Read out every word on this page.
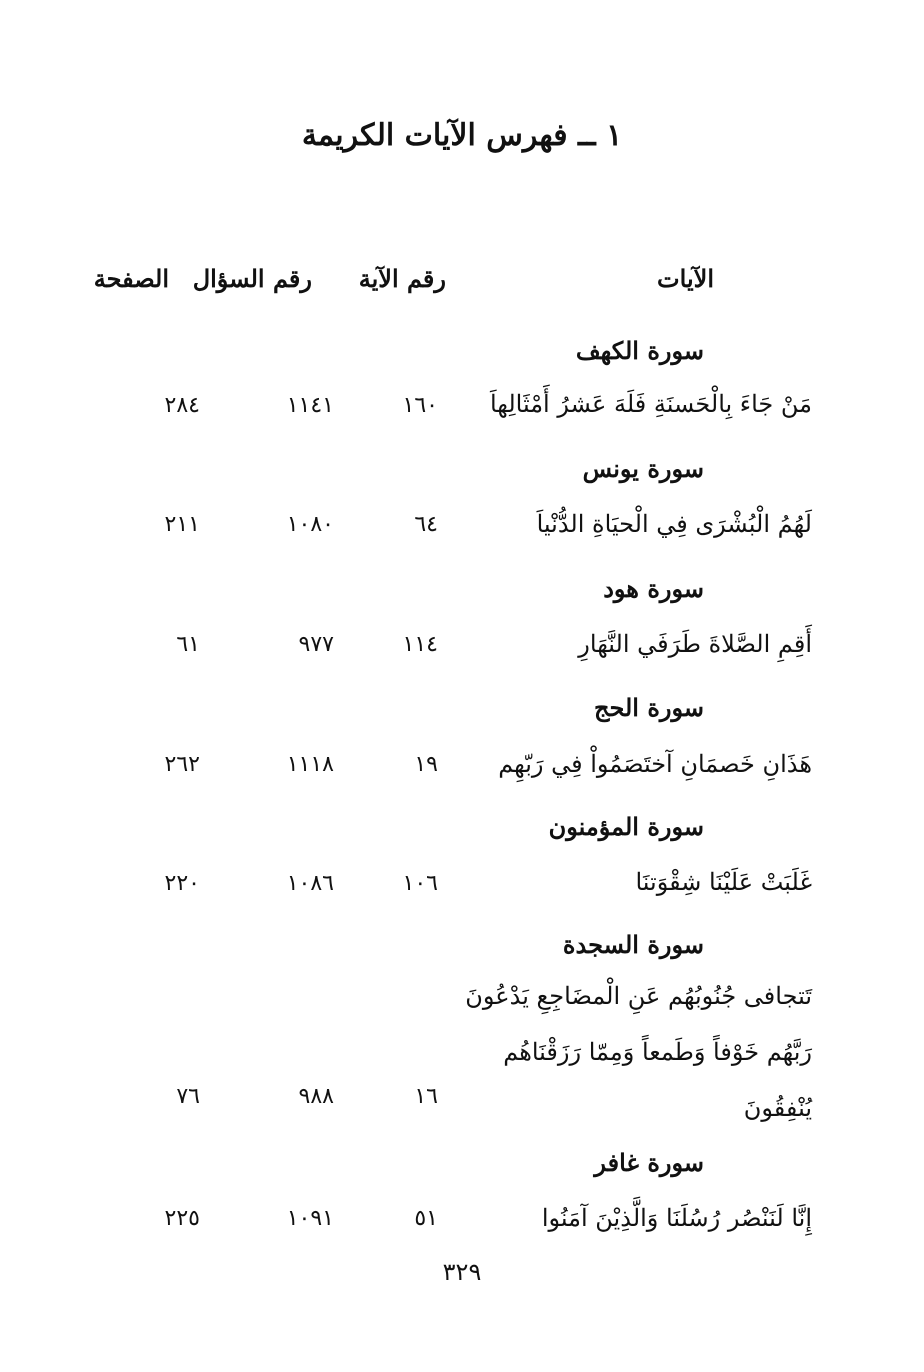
١ ــ فهرس الآيات الكريمة
الآيات
رقم الآية
رقم السؤال
الصفحة
سورة الكهف
مَنْ جَاءَ بِالْحَسنَةِ فَلَهَ عَشرُ أَمْثَالِهاَ
١٦٠
١١٤١
٢٨٤
سورة يونس
لَهُمُ الْبُشْرَى فِي الْحيَاةِ الدُّنْياَ
٦٤
١٠٨٠
٢١١
سورة هود
أَقِمِ الصَّلاةَ طَرَفَي النَّهَارِ
١١٤
٩٧٧
٦١
سورة الحج
هَذَانِ خَصمَانِ آختَصَمُواْ فِي رَبّهِم
١٩
١١١٨
٢٦٢
سورة المؤمنون
غَلَبَتْ عَلَيْنَا شِقْوَتنَا
١٠٦
١٠٨٦
٢٢٠
سورة السجدة
تَتجافى جُنُوبُهُم عَنِ الْمضَاجِعِ يَدْعُونَ رَبَّهُم خَوْفاً وَطَمعاً وَمِمّا رَزَقْنَاهُم يُنْفِقُونَ
١٦
٩٨٨
٧٦
سورة غافر
إِنَّا لَنَنْصُر رُسُلَنَا وَالَّذِيْنَ آمَنُوا
٥١
١٠٩١
٢٢٥
٣٢٩
